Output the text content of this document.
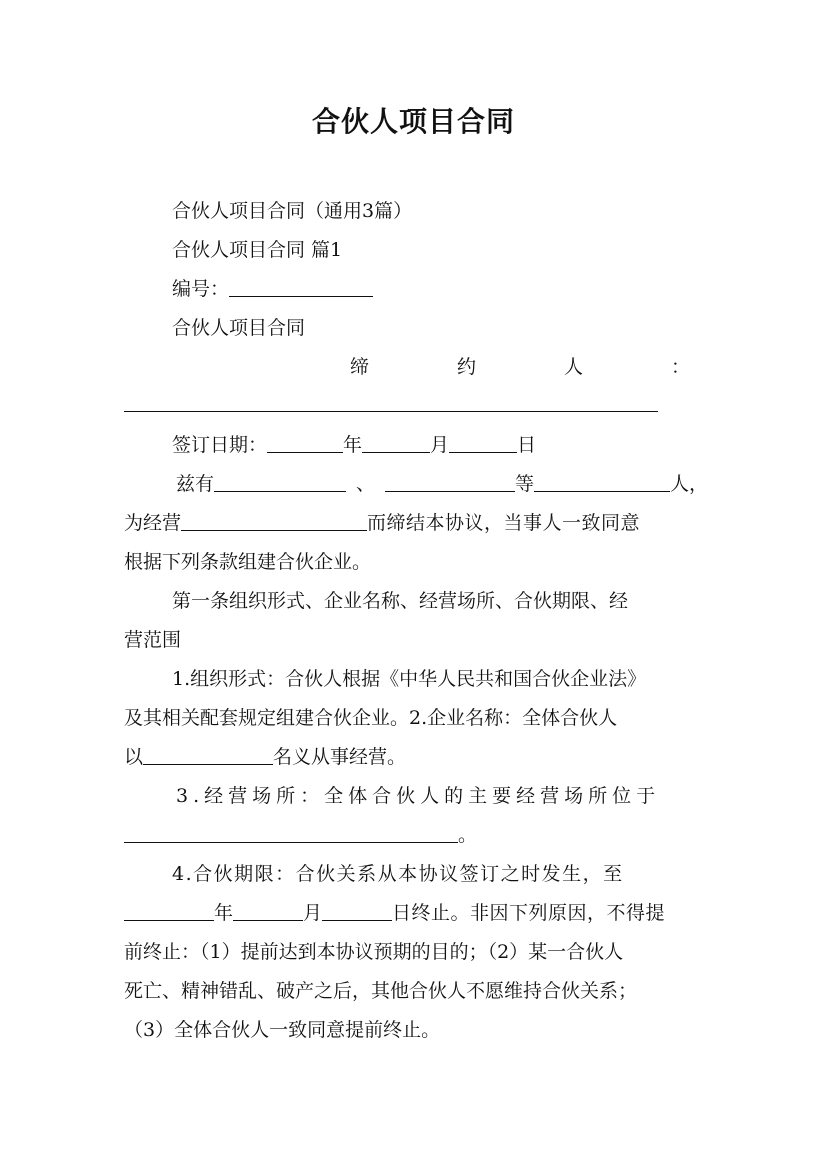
合伙人项目合同
合伙人项目合同（通用3篇）
合伙人项目合同 篇1
编号：
合伙人项目合同
缔	约	人	：
签订日期：	年	月	日
兹有	、	等	人，
为经营	而缔结本协议，当事人一致同意
根据下列条款组建合伙企业。
第一条组织形式、企业名称、经营场所、合伙期限、经
营范围
1.组织形式：合伙人根据《中华人民共和国合伙企业法》
及其相关配套规定组建合伙企业。2.企业名称：全体合伙人
以	名义从事经营。
3.经营场所：全体合伙人的主要经营场所位于
。
4.合伙期限：合伙关系从本协议签订之时发生，至
年	月	日终止。非因下列原因，不得提
前终止：（1）提前达到本协议预期的目的；（2）某一合伙人
死亡、精神错乱、破产之后，其他合伙人不愿维持合伙关系；
（3）全体合伙人一致同意提前终止。
